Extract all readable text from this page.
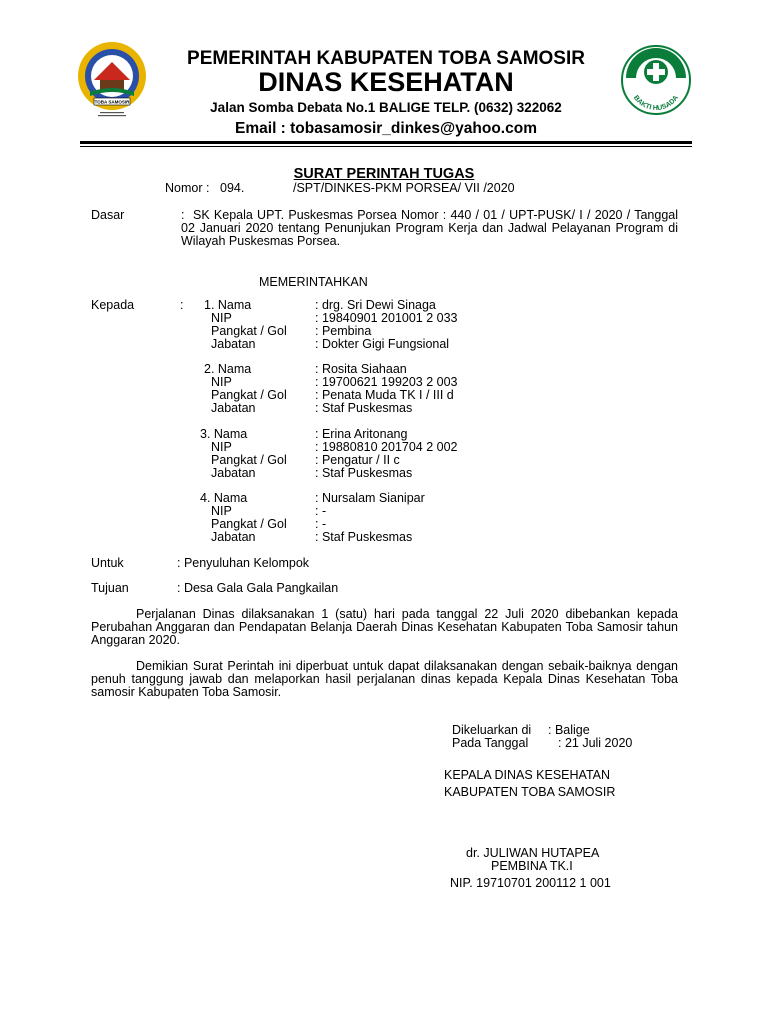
TOBA SAMOSIR	BAKTI HUSADA
PEMERINTAH KABUPATEN TOBA SAMOSIR
DINAS KESEHATAN
Jalan Somba Debata No.1 BALIGE TELP. (0632) 322062
Email : tobasamosir_dinkes@yahoo.com
SURAT PERINTAH TUGAS
Nomor : 094.	/SPT/DINKES-PKM PORSEA/ VII /2020
Dasar	: SK Kepala UPT. Puskesmas Porsea Nomor : 440 / 01 / UPT-PUSK/ I / 2020 / Tanggal 02 Januari 2020 tentang Penunjukan Program Kerja dan Jadwal Pelayanan Program di Wilayah Puskesmas Porsea.
MEMERINTAHKAN
Kepada	: 1. Nama	: drg. Sri Dewi Sinaga
NIP	: 19840901 201001 2 033
Pangkat / Gol : Pembina
Jabatan	: Dokter Gigi Fungsional
2. Nama	: Rosita Siahaan
NIP	: 19700621 199203 2 003
Pangkat / Gol : Penata Muda TK I / III d
Jabatan	: Staf Puskesmas
3. Nama	: Erina Aritonang
NIP	: 19880810 201704 2 002
Pangkat / Gol : Pengatur / II c
Jabatan	: Staf Puskesmas
4. Nama	: Nursalam Sianipar
NIP	: -
Pangkat / Gol : -
Jabatan	: Staf Puskesmas
Untuk	: Penyuluhan Kelompok
Tujuan	: Desa Gala Gala Pangkailan
Perjalanan Dinas dilaksanakan 1 (satu) hari pada tanggal 22 Juli 2020 dibebankan kepada Perubahan Anggaran dan Pendapatan Belanja Daerah Dinas Kesehatan Kabupaten Toba Samosir tahun Anggaran 2020.
Demikian Surat Perintah ini diperbuat untuk dapat dilaksanakan dengan sebaik-baiknya dengan penuh tanggung jawab dan melaporkan hasil perjalanan dinas kepada Kepala Dinas Kesehatan Toba samosir Kabupaten Toba Samosir.
Dikeluarkan di : Balige
Pada Tanggal : 21 Juli 2020
KEPALA DINAS KESEHATAN
KABUPATEN TOBA SAMOSIR
dr. JULIWAN HUTAPEA
PEMBINA TK.I
NIP. 19710701 200112 1 001
